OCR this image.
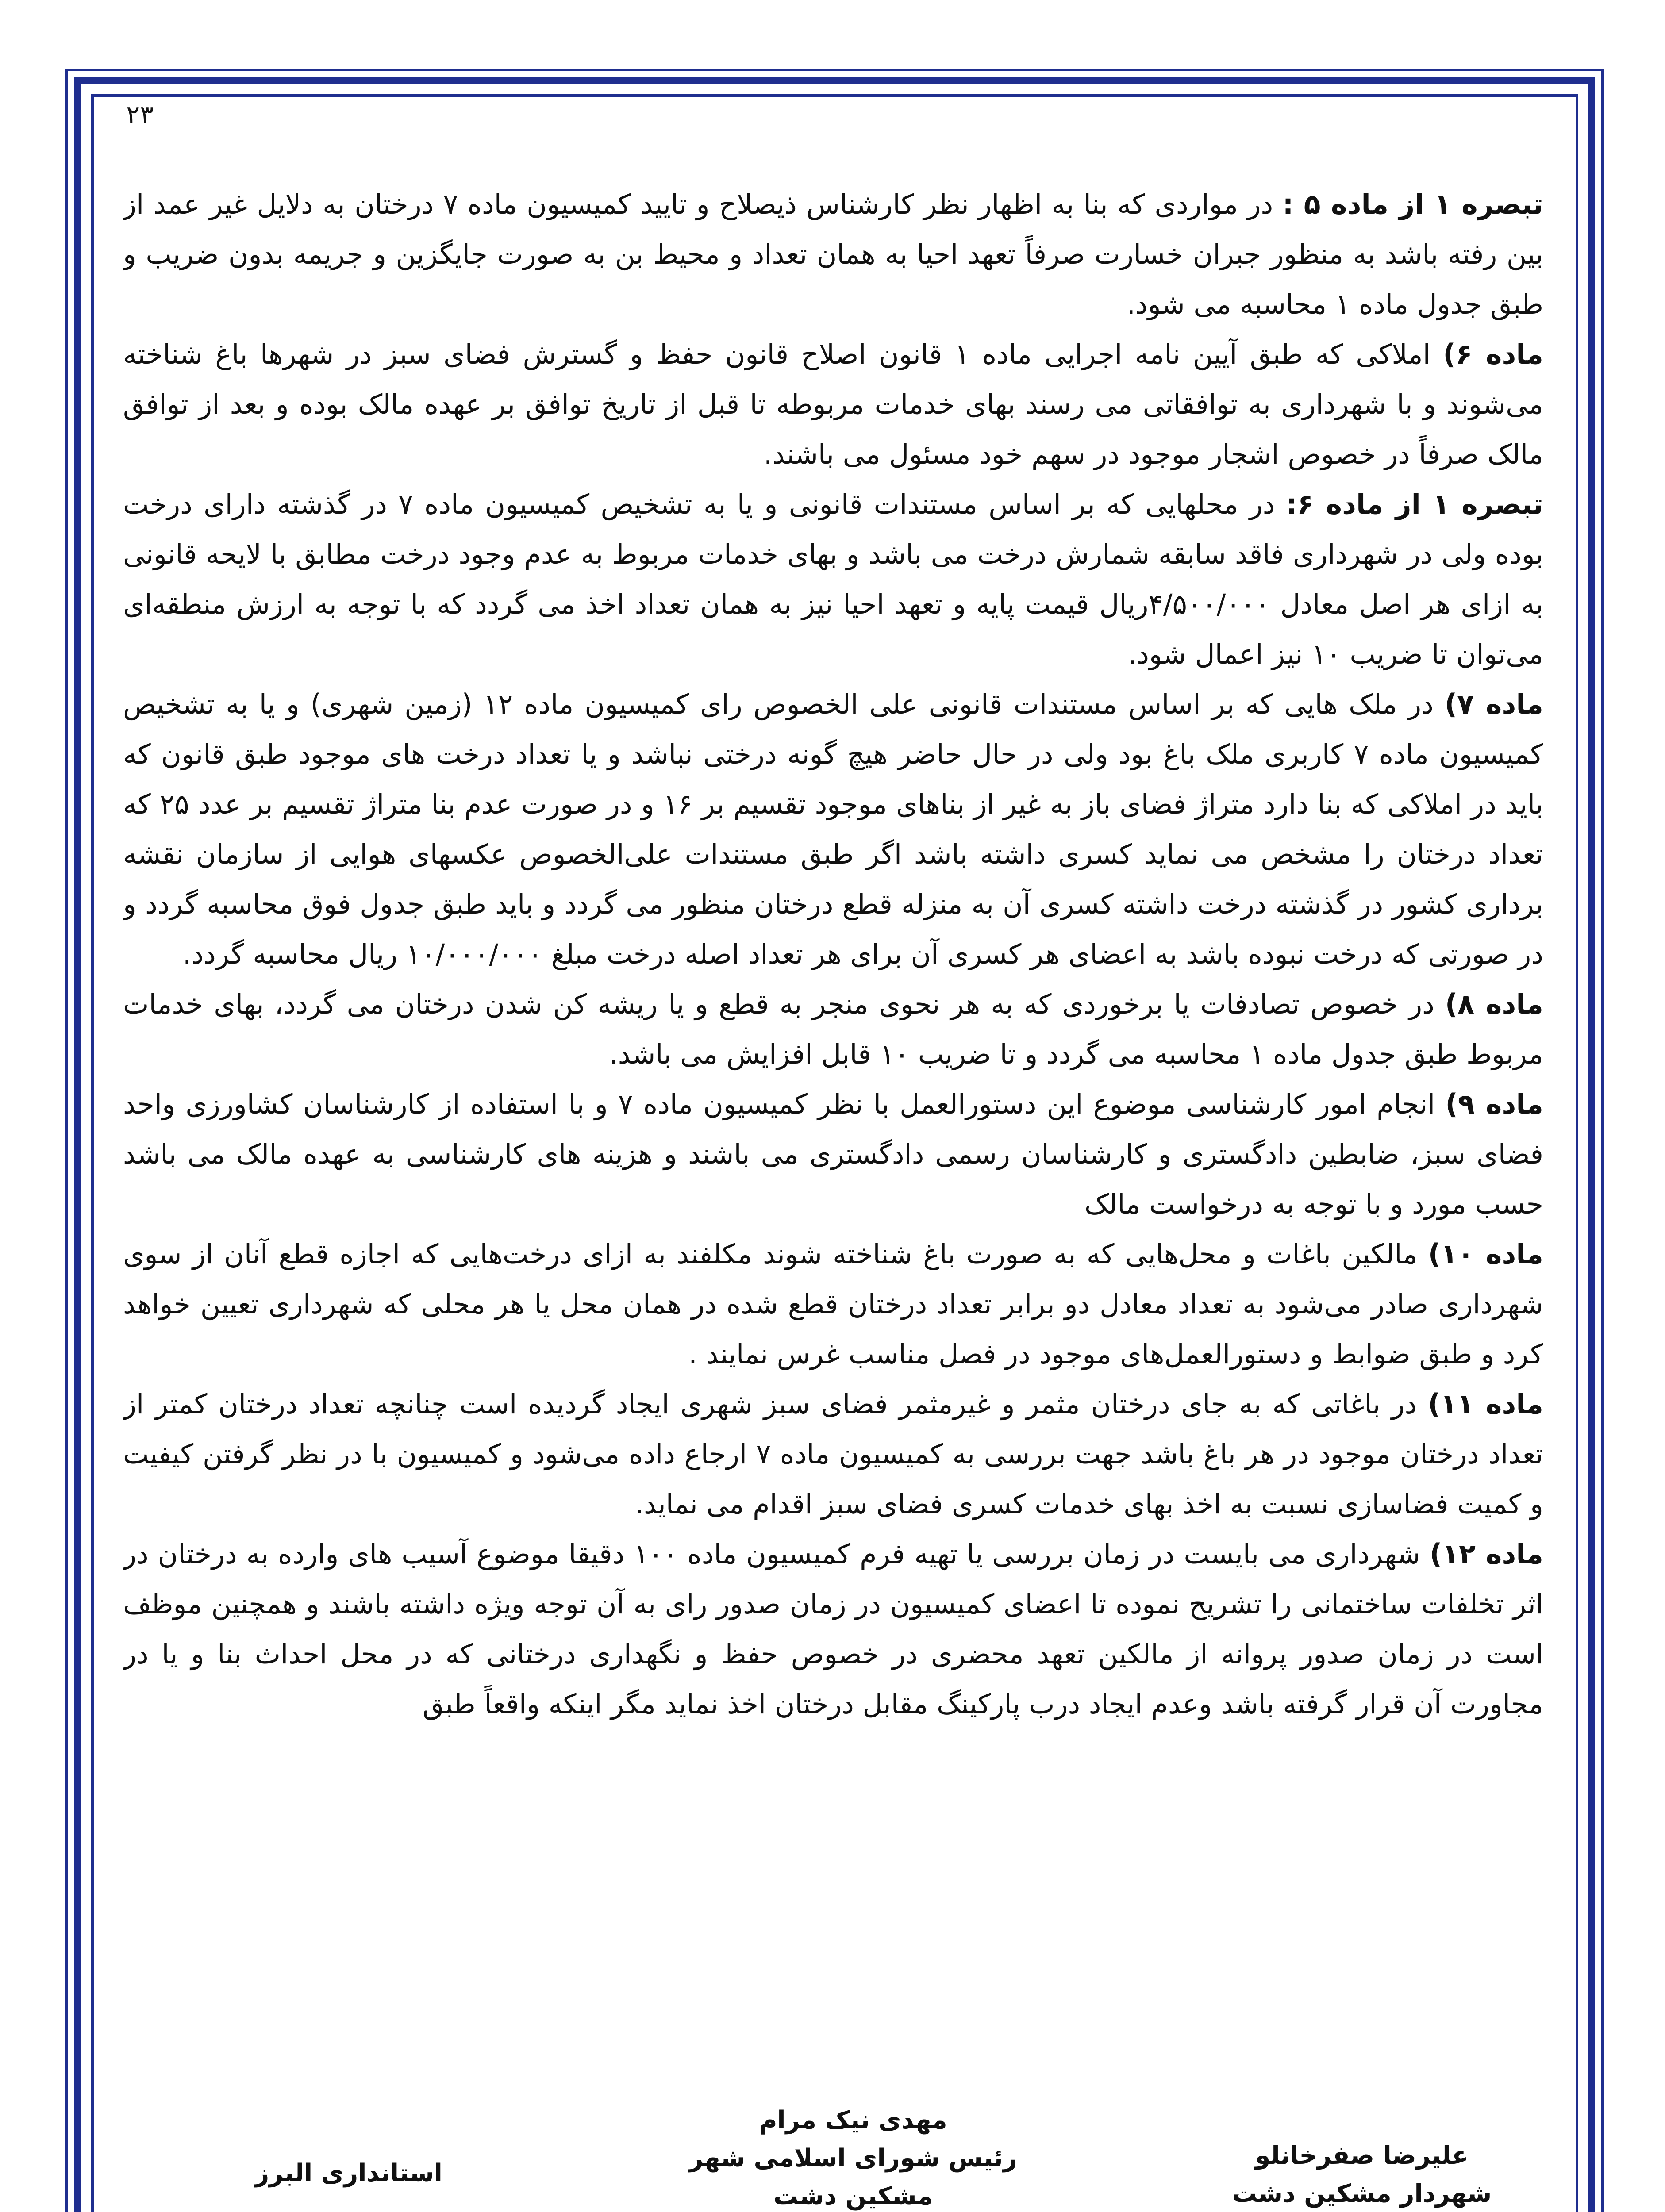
۲۳

تبصره ۱ از ماده ۵ : در مواردی که بنا به اظهار نظر کارشناس ذیصلاح و تایید کمیسیون ماده ۷ درختان به دلایل غیر عمد از بین رفته باشد به منظور جبران خسارت صرفاً تعهد احیا به همان تعداد و محیط بن به صورت جایگزین و جریمه بدون ضریب و طبق جدول ماده ۱ محاسبه می شود.

ماده ۶) املاکی که طبق آیین نامه اجرایی ماده ۱ قانون اصلاح قانون حفظ و گسترش فضای سبز در شهرها باغ شناخته می‌شوند و با شهرداری به توافقاتی می رسند بهای خدمات مربوطه تا قبل از تاریخ توافق بر عهده مالک بوده و بعد از توافق مالک صرفاً در خصوص اشجار موجود در سهم خود مسئول می باشند.

تبصره ۱ از ماده ۶: در محلهایی که بر اساس مستندات قانونی و یا به تشخیص کمیسیون ماده ۷ در گذشته دارای درخت بوده ولی در شهرداری فاقد سابقه شمارش درخت می باشد و بهای خدمات مربوط به عدم وجود درخت مطابق با لایحه قانونی به ازای هر اصل معادل ۴/۵۰۰/۰۰۰ریال قیمت پایه و تعهد احیا نیز به همان تعداد اخذ می گردد که با توجه به ارزش منطقه‌ای می‌توان تا ضریب ۱۰ نیز اعمال شود.

ماده ۷) در ملک هایی که بر اساس مستندات قانونی علی الخصوص رای کمیسیون ماده ۱۲ (زمین شهری) و یا به تشخیص کمیسیون ماده ۷ کاربری ملک باغ بود ولی در حال حاضر هیچ گونه درختی نباشد و یا تعداد درخت های موجود طبق قانون که باید در املاکی که بنا دارد متراژ فضای باز به غیر از بناهای موجود تقسیم بر ۱۶ و در صورت عدم بنا متراژ تقسیم بر عدد ۲۵ که تعداد درختان را مشخص می نماید کسری داشته باشد اگر طبق مستندات علی‌الخصوص عکسهای هوایی از سازمان نقشه برداری کشور در گذشته درخت داشته کسری آن به منزله قطع درختان منظور می گردد و باید طبق جدول فوق محاسبه گردد و در صورتی که درخت نبوده باشد به اعضای هر کسری آن برای هر تعداد اصله درخت مبلغ ۱۰/۰۰۰/۰۰۰ ریال محاسبه گردد.

ماده ۸) در خصوص تصادفات یا برخوردی که به هر نحوی منجر به قطع و یا ریشه کن شدن درختان می گردد، بهای خدمات مربوط طبق جدول ماده ۱ محاسبه می گردد و تا ضریب ۱۰ قابل افزایش می باشد.

ماده ۹) انجام امور کارشناسی موضوع این دستورالعمل با نظر کمیسیون ماده ۷ و با استفاده از کارشناسان کشاورزی واحد فضای سبز، ضابطین دادگستری و کارشناسان رسمی دادگستری می باشند و هزینه های کارشناسی به عهده مالک می باشد حسب مورد و با توجه به درخواست مالک

ماده ۱۰) مالکین باغات و محل‌هایی که به صورت باغ شناخته شوند مکلفند به ازای درخت‌هایی که اجازه قطع آنان از سوی شهرداری صادر می‌شود به تعداد معادل دو برابر تعداد درختان قطع شده در همان محل یا هر محلی که شهرداری تعیین خواهد کرد و طبق ضوابط و دستورالعمل‌های موجود در فصل مناسب غرس نمایند .

ماده ۱۱) در باغاتی که به جای درختان مثمر و غیرمثمر فضای سبز شهری ایجاد گردیده است چنانچه تعداد درختان کمتر از تعداد درختان موجود در هر باغ باشد جهت بررسی به کمیسیون ماده ۷ ارجاع داده می‌شود و کمیسیون با در نظر گرفتن کیفیت و کمیت فضاسازی نسبت به اخذ بهای خدمات کسری فضای سبز اقدام می نماید.

ماده ۱۲) شهرداری می بایست در زمان بررسی یا تهیه فرم کمیسیون ماده ۱۰۰ دقیقا موضوع آسیب های وارده به درختان در اثر تخلفات ساختمانی را تشریح نموده تا اعضای کمیسیون در زمان صدور رای به آن توجه ویژه داشته باشند و همچنین موظف است در زمان صدور پروانه از مالکین تعهد محضری در خصوص حفظ و نگهداری درختانی که در محل احداث بنا و یا در مجاورت آن قرار گرفته باشد وعدم ایجاد درب پارکینگ مقابل درختان اخذ نماید مگر اینکه واقعاً طبق

علیرضا صفرخانلو
شهردار مشکین دشت
مهدی نیک مرام
رئیس شورای اسلامی شهر
مشکین دشت
استانداری البرز
